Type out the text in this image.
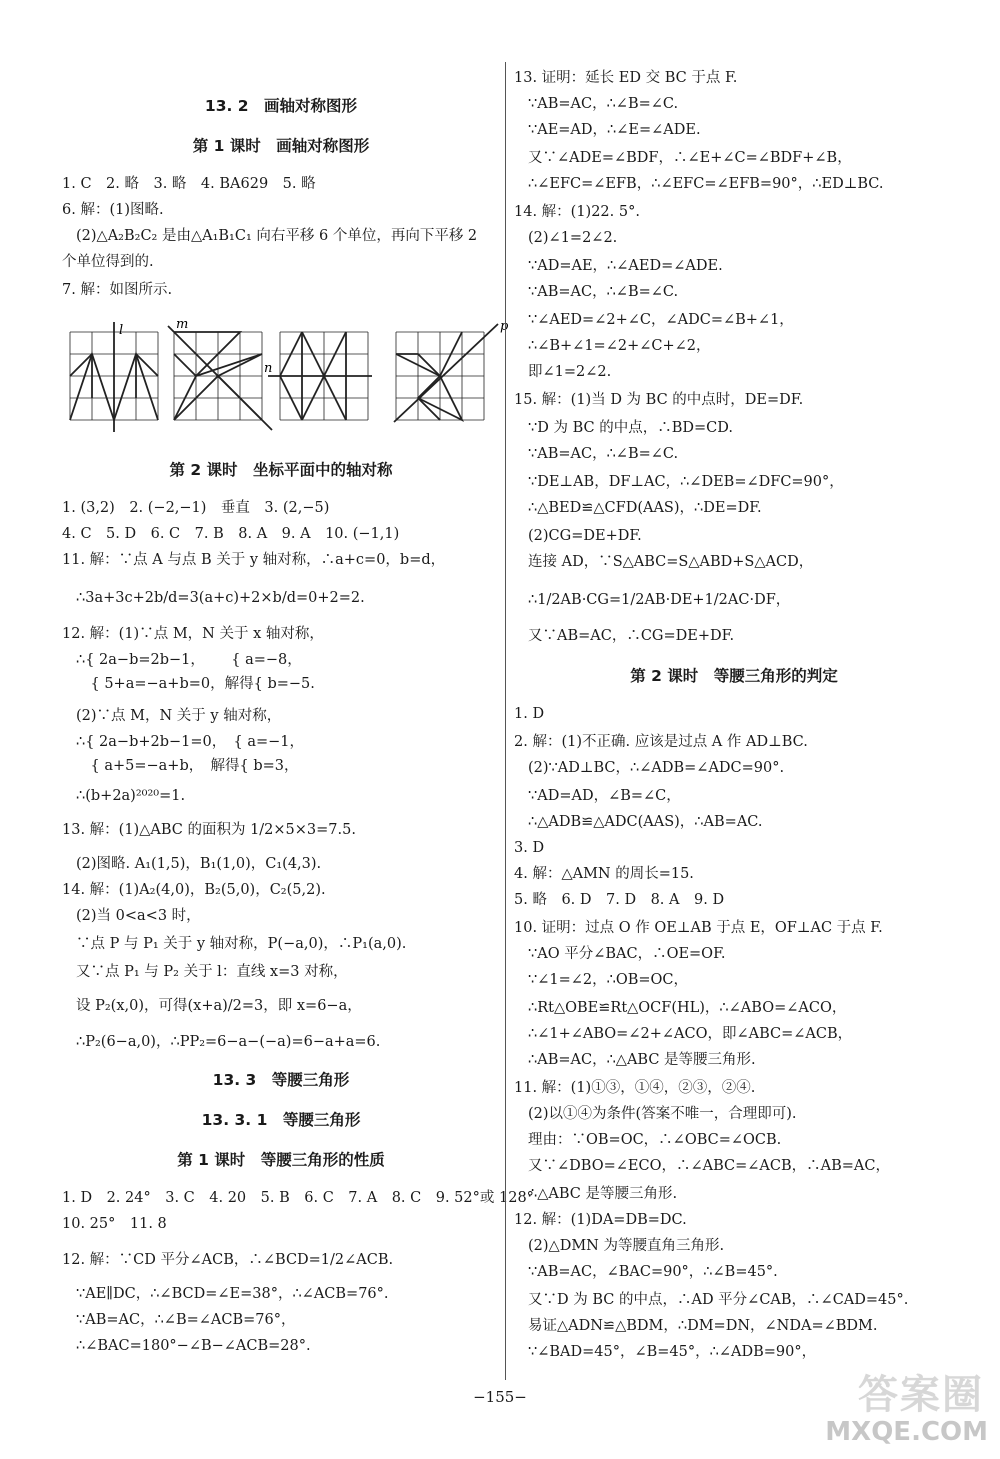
13. 2　画轴对称图形
第 1 课时　画轴对称图形
1. C　2. 略　3. 略　4. BA629　5. 略
6. 解：(1)图略.
(2)△A₂B₂C₂ 是由△A₁B₁C₁ 向右平移 6 个单位，再向下平移 2
个单位得到的.
7. 解：如图所示.
第 2 课时　坐标平面中的轴对称
1. (3,2)　2. (−2,−1)　垂直　3. (2,−5)
4. C　5. D　6. C　7. B　8. A　9. A　10. (−1,1)
11. 解：∵点 A 与点 B 关于 y 轴对称，∴a+c=0，b=d，
∴3a+3c+2b/d=3(a+c)+2×b/d=0+2=2.
12. 解：(1)∵点 M，N 关于 x 轴对称，
∴{ 2a−b=2b−1，　　 { a=−8，
　{ 5+a=−a+b=0，解得{ b=−5.
(2)∵点 M，N 关于 y 轴对称，
∴{ 2a−b+2b−1=0，　{ a=−1，
　{ a+5=−a+b，　解得{ b=3，
∴(b+2a)²⁰²⁰=1.
13. 解：(1)△ABC 的面积为 1/2×5×3=7.5.
(2)图略. A₁(1,5)，B₁(1,0)，C₁(4,3).
14. 解：(1)A₂(4,0)，B₂(5,0)，C₂(5,2).
(2)当 0<a<3 时，
∵点 P 与 P₁ 关于 y 轴对称，P(−a,0)，∴P₁(a,0).
又∵点 P₁ 与 P₂ 关于 l：直线 x=3 对称，
设 P₂(x,0)，可得(x+a)/2=3，即 x=6−a，
∴P₂(6−a,0)，∴PP₂=6−a−(−a)=6−a+a=6.
13. 3　等腰三角形
13. 3. 1　等腰三角形
第 1 课时　等腰三角形的性质
1. D　2. 24°　3. C　4. 20　5. B　6. C　7. A　8. C　9. 52°或 128°
10. 25°　11. 8
12. 解：∵CD 平分∠ACB，∴∠BCD=1/2∠ACB.
∵AE∥DC，∴∠BCD=∠E=38°，∴∠ACB=76°.
∵AB=AC，∴∠B=∠ACB=76°，
∴∠BAC=180°−∠B−∠ACB=28°.
l	m
n
p
13. 证明：延长 ED 交 BC 于点 F.
∵AB=AC，∴∠B=∠C.
∵AE=AD，∴∠E=∠ADE.
又∵∠ADE=∠BDF，∴∠E+∠C=∠BDF+∠B，
∴∠EFC=∠EFB，∴∠EFC=∠EFB=90°，∴ED⊥BC.
14. 解：(1)22. 5°.
(2)∠1=2∠2.
∵AD=AE，∴∠AED=∠ADE.
∵AB=AC，∴∠B=∠C.
∵∠AED=∠2+∠C，∠ADC=∠B+∠1，
∴∠B+∠1=∠2+∠C+∠2，
即∠1=2∠2.
15. 解：(1)当 D 为 BC 的中点时，DE=DF.
∵D 为 BC 的中点，∴BD=CD.
∵AB=AC，∴∠B=∠C.
∵DE⊥AB，DF⊥AC，∴∠DEB=∠DFC=90°，
∴△BED≌△CFD(AAS)，∴DE=DF.
(2)CG=DE+DF.
连接 AD，∵S△ABC=S△ABD+S△ACD，
∴1/2AB·CG=1/2AB·DE+1/2AC·DF，
又∵AB=AC，∴CG=DE+DF.
第 2 课时　等腰三角形的判定
1. D
2. 解：(1)不正确. 应该是过点 A 作 AD⊥BC.
(2)∵AD⊥BC，∴∠ADB=∠ADC=90°.
∵AD=AD，∠B=∠C，
∴△ADB≌△ADC(AAS)，∴AB=AC.
3. D
4. 解：△AMN 的周长=15.
5. 略　6. D　7. D　8. A　9. D
10. 证明：过点 O 作 OE⊥AB 于点 E，OF⊥AC 于点 F.
∵AO 平分∠BAC，∴OE=OF.
∵∠1=∠2，∴OB=OC，
∴Rt△OBE≌Rt△OCF(HL)，∴∠ABO=∠ACO，
∴∠1+∠ABO=∠2+∠ACO，即∠ABC=∠ACB，
∴AB=AC，∴△ABC 是等腰三角形.
11. 解：(1)①③，①④，②③，②④.
(2)以①④为条件(答案不唯一，合理即可).
理由：∵OB=OC，∴∠OBC=∠OCB.
又∵∠DBO=∠ECO，∴∠ABC=∠ACB，∴AB=AC，
∴△ABC 是等腰三角形.
12. 解：(1)DA=DB=DC.
(2)△DMN 为等腰直角三角形.
∵AB=AC，∠BAC=90°，∴∠B=45°.
又∵D 为 BC 的中点，∴AD 平分∠CAB，∴∠CAD=45°.
易证△ADN≌△BDM，∴DM=DN，∠NDA=∠BDM.
∵∠BAD=45°，∠B=45°，∴∠ADB=90°，
−155−	答案圈
MXQE.COM
